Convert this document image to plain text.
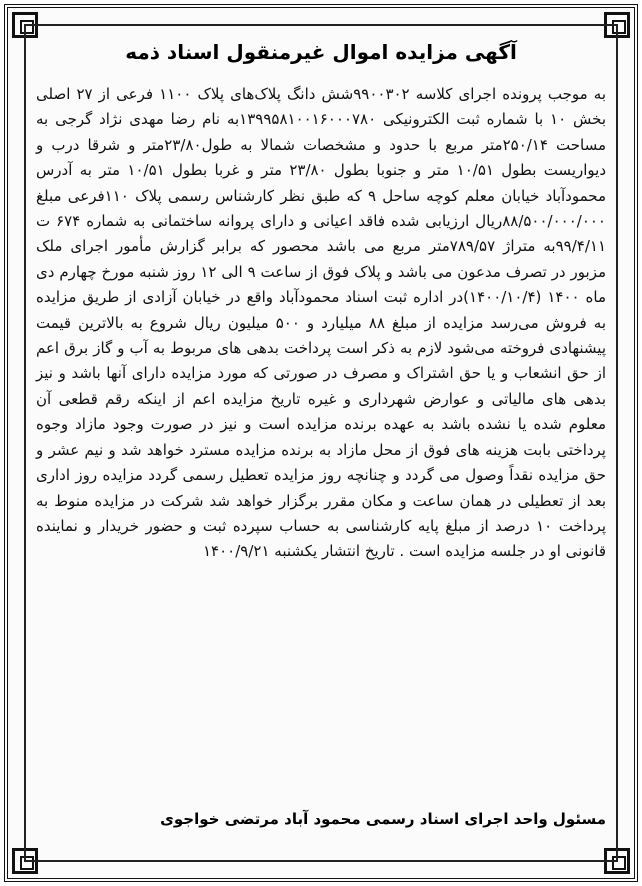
آگهی مزایده اموال غیرمنقول اسناد ذمه
به موجب پرونده اجرای کلاسه ۹۹۰۰۳۰۲شش دانگ پلاک‌های پلاک ۱۱۰۰ فرعی از ۲۷ اصلی بخش ۱۰ با شماره ثبت الکترونیکی ۱۳۹۹۵۸۱۰۰۱۶۰۰۰۷۸۰به نام رضا مهدی نژاد گرجی به مساحت ۲۵۰/۱۴متر مربع با حدود و مشخصات شمالا به طول۲۳/۸۰متر و شرقا درب و دیواریست بطول ۱۰/۵۱ متر و جنوبا بطول ۲۳/۸۰ متر و غربا بطول ۱۰/۵۱ متر به آدرس محمودآباد خیابان معلم کوچه ساحل ۹ که طبق نظر کارشناس رسمی پلاک ۱۱۰فرعی مبلغ ۸۸/۵۰۰/۰۰۰/۰۰۰ریال ارزیابی شده فاقد اعیانی و دارای پروانه ساختمانی به شماره ۶۷۴ ت ۹۹/۴/۱۱به متراژ ۷۸۹/۵۷متر مربع می باشد محصور که برابر گزارش مأمور اجرای ملک مزبور در تصرف مدعون می باشد و پلاک فوق از ساعت ۹ الی ۱۲ روز شنبه مورخ چهارم دی ماه ۱۴۰۰ (۱۴۰۰/۱۰/۴)در اداره ثبت اسناد محمودآباد واقع در خیابان آزادی از طریق مزایده به فروش می‌رسد مزایده از مبلغ ۸۸ میلیارد و ۵۰۰ میلیون ریال شروع به بالاترین قیمت پیشنهادی فروخته می‌شود لازم به ذکر است پرداخت بدهی های مربوط به آب و گاز برق اعم از حق انشعاب و یا حق اشتراک و مصرف در صورتی که مورد مزایده دارای آنها باشد و نیز بدهی های مالیاتی و عوارض شهرداری و غیره تاریخ مزایده اعم از اینکه رقم قطعی آن معلوم شده یا نشده باشد به عهده برنده مزایده است و نیز در صورت وجود مازاد وجوه پرداختی بابت هزینه های فوق از محل مازاد به برنده مزایده مسترد خواهد شد و نیم عشر و حق مزایده نقداً وصول می گردد و چنانچه روز مزایده تعطیل رسمی گردد مزایده روز اداری بعد از تعطیلی در همان ساعت و مکان مقرر برگزار خواهد شد شرکت در مزایده منوط به پرداخت ۱۰ درصد از مبلغ پایه کارشناسی به حساب سپرده ثبت و حضور خریدار و نماینده قانونی او در جلسه مزایده است . تاریخ انتشار یکشنبه ۱۴۰۰/۹/۲۱
مسئول واحد اجرای اسناد رسمی محمود آباد مرتضی خواجوی
